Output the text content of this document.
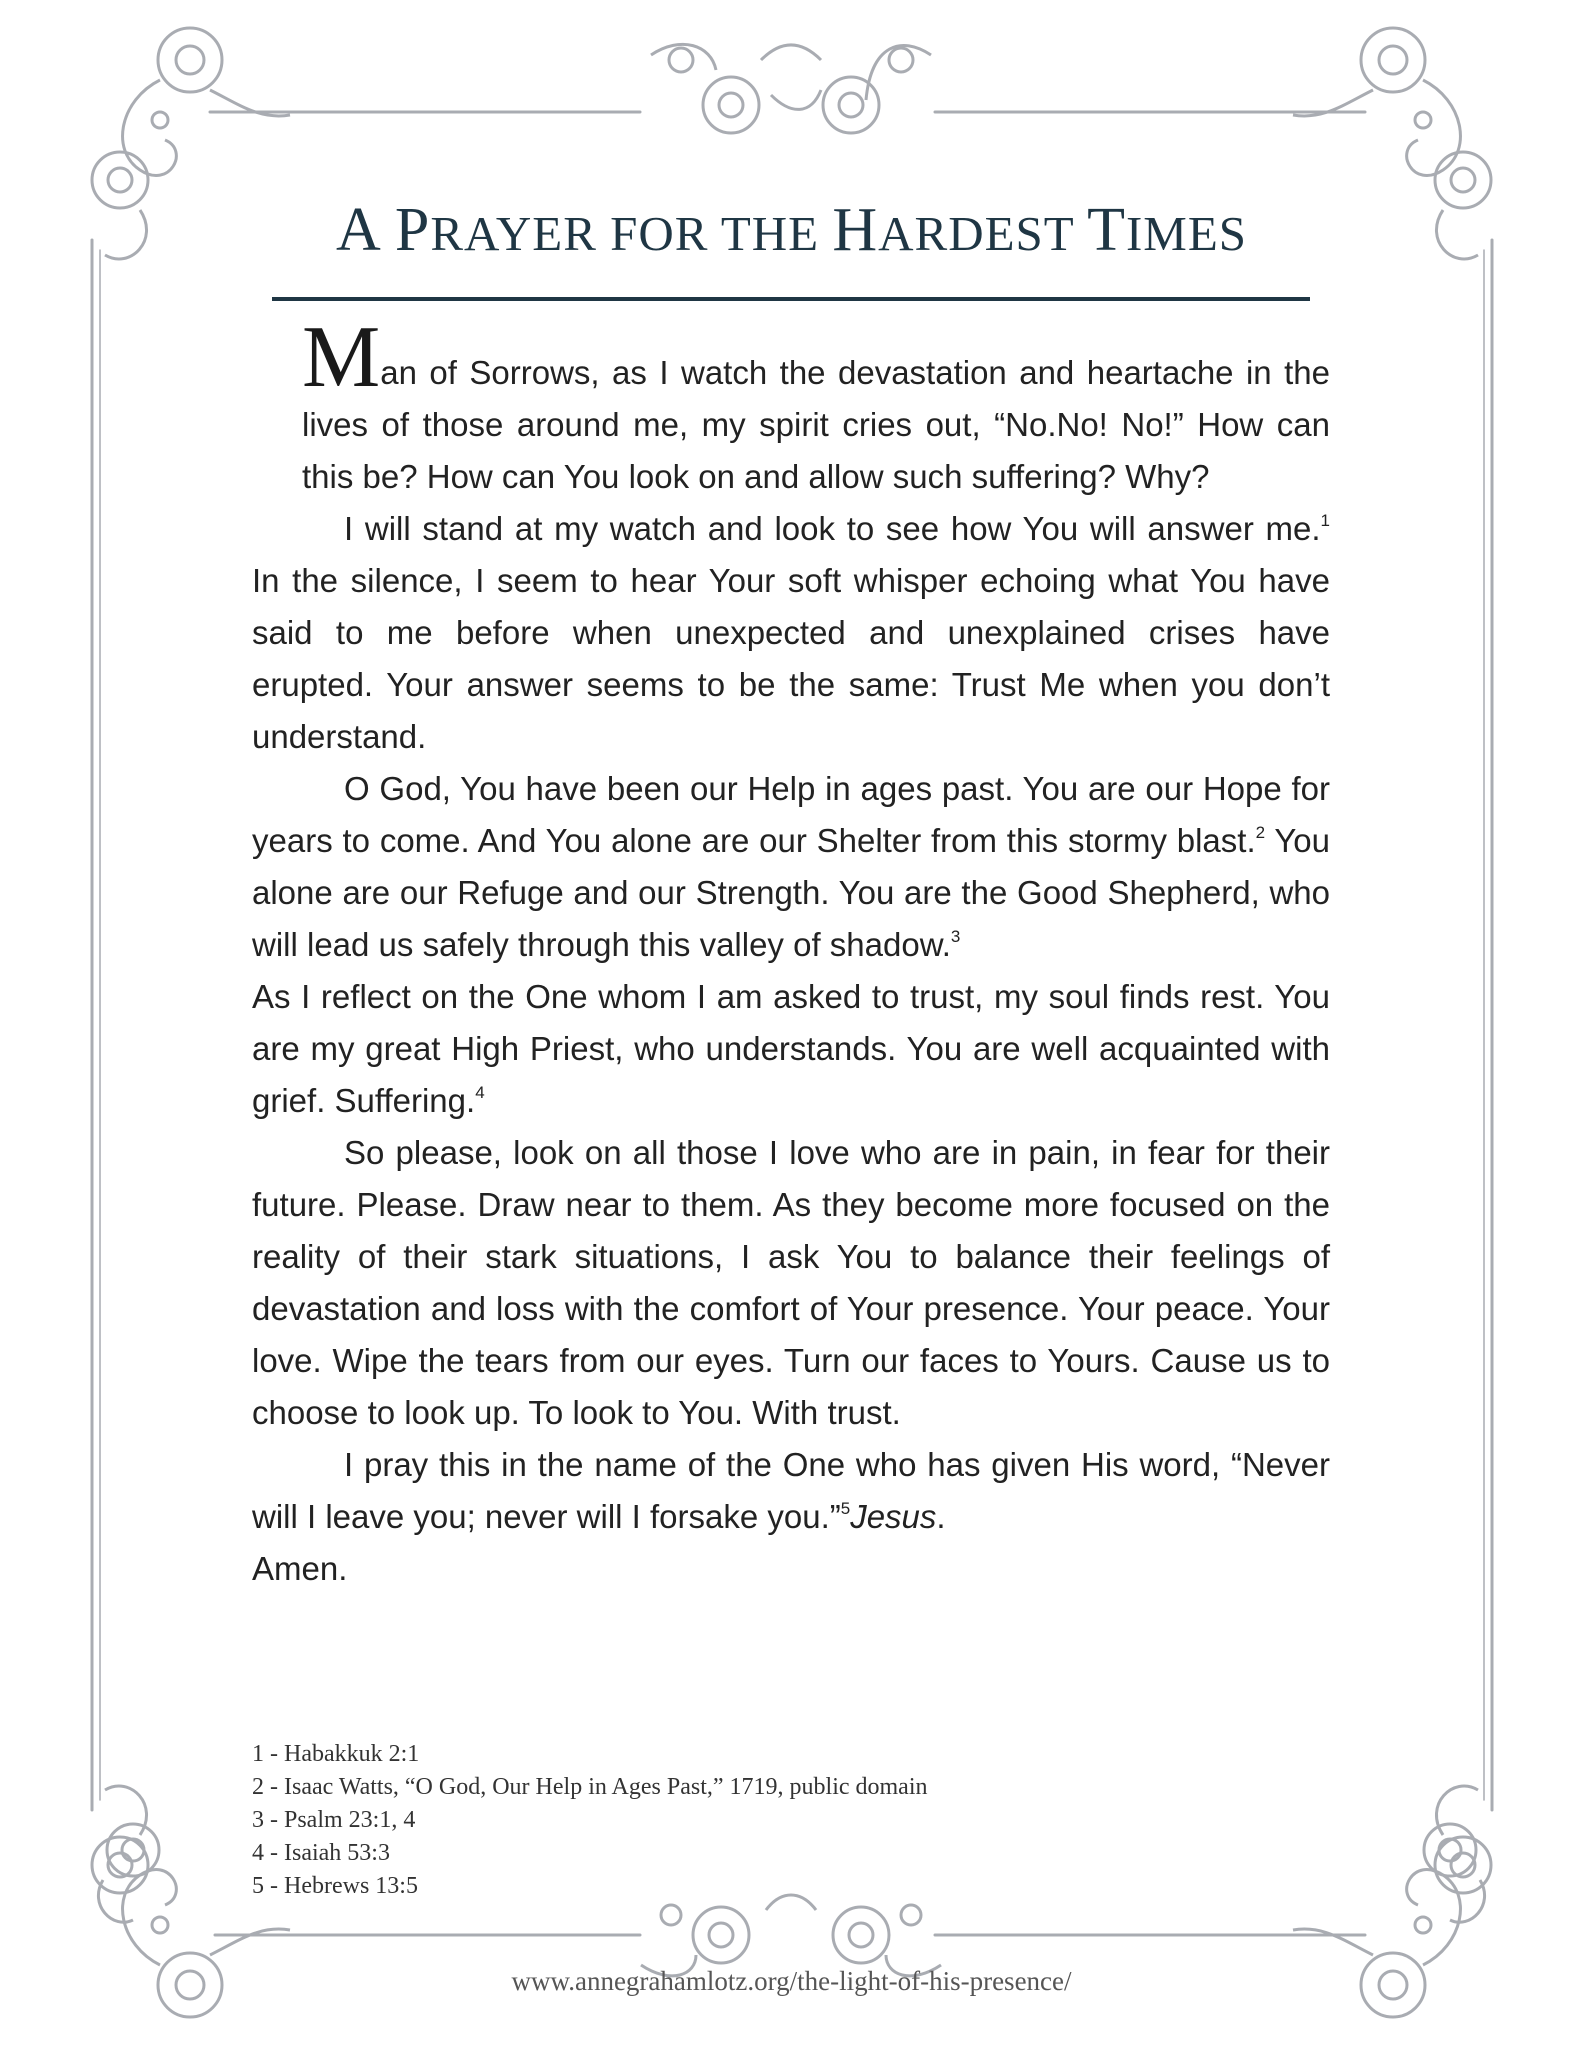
A PRAYER FOR THE HARDEST TIMES

Man of Sorrows, as I watch the devastation and heartache in the lives of those around me, my spirit cries out, “No.No! No!” How can this be? How can You look on and allow such suffering? Why?

I will stand at my watch and look to see how You will answer me.$^1$ In the silence, I seem to hear Your soft whisper echoing what You have said to me before when unexpected and unexplained crises have erupted. Your answer seems to be the same: Trust Me when you don’t understand.

O God, You have been our Help in ages past. You are our Hope for years to come. And You alone are our Shelter from this stormy blast.$^2$ You alone are our Refuge and our Strength. You are the Good Shepherd, who will lead us safely through this valley of shadow.$^3$

As I reflect on the One whom I am asked to trust, my soul finds rest. You are my great High Priest, who understands. You are well acquainted with grief. Suffering.$^4$

So please, look on all those I love who are in pain, in fear for their future. Please. Draw near to them. As they become more focused on the reality of their stark situations, I ask You to balance their feelings of devastation and loss with the comfort of Your presence. Your peace. Your love. Wipe the tears from our eyes. Turn our faces to Yours. Cause us to choose to look up. To look to You. With trust.

I pray this in the name of the One who has given His word, “Never will I leave you; never will I forsake you.”$^5$Jesus.

Amen.

1 - Habakkuk 2:1
2 - Isaac Watts, “O God, Our Help in Ages Past,” 1719, public domain
3 - Psalm 23:1, 4
4 - Isaiah 53:3
5 - Hebrews 13:5
www.annegrahamlotz.org/the-light-of-his-presence/
